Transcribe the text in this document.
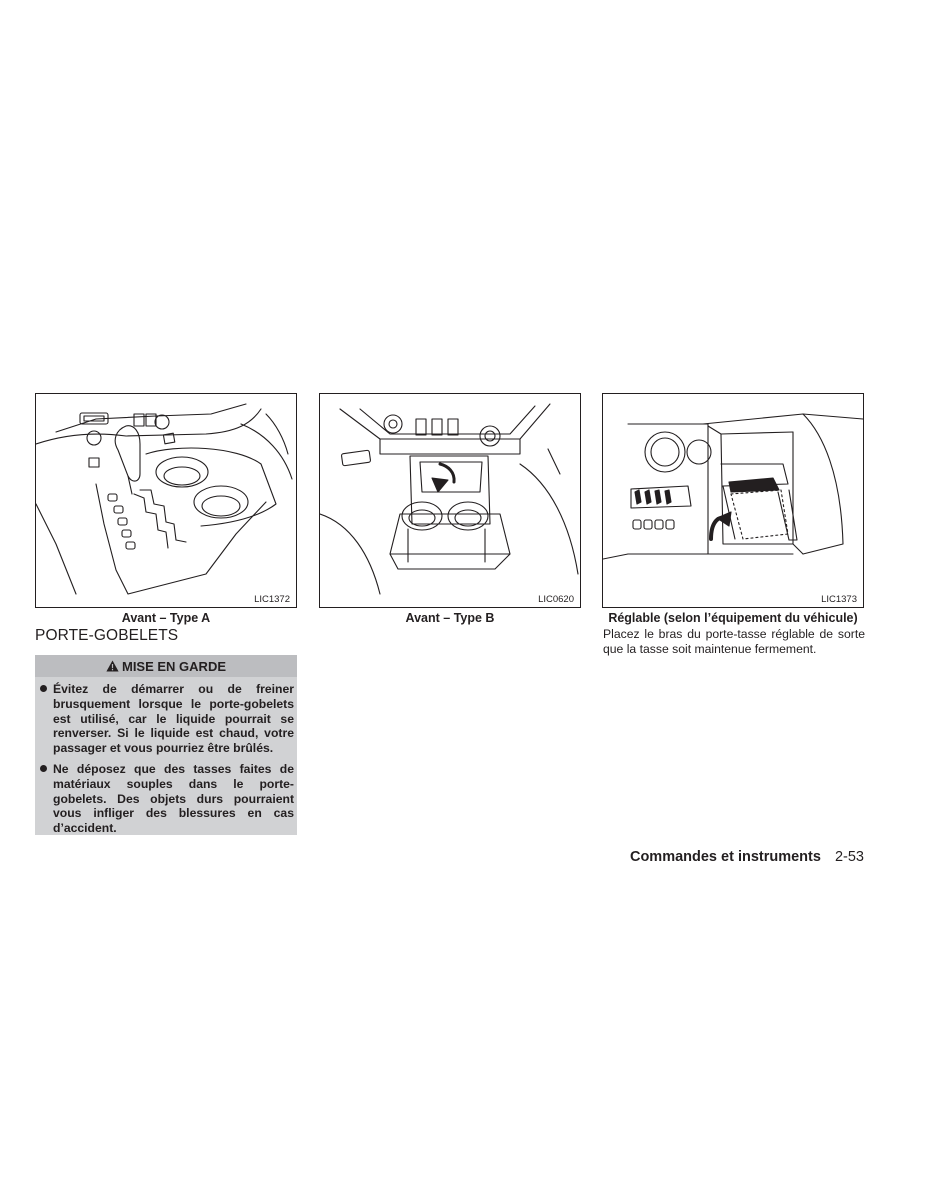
LIC1372	LIC0620	LIC1373
Avant – Type A	Avant – Type B	Réglable (selon l’équipement du véhicule)
PORTE-GOBELETS
MISE EN GARDE
Évitez de démarrer ou de freiner brusquement lorsque le porte-gobelets est utilisé, car le liquide pourrait se renverser. Si le liquide est chaud, votre passager et vous pourriez être brûlés.
Ne déposez que des tasses faites de matériaux souples dans le porte-gobelets. Des objets durs pourraient vous infliger des blessures en cas d’accident.

Placez le bras du porte-tasse réglable de sorte que la tasse soit maintenue fermement.

Commandes et instruments 2-53
